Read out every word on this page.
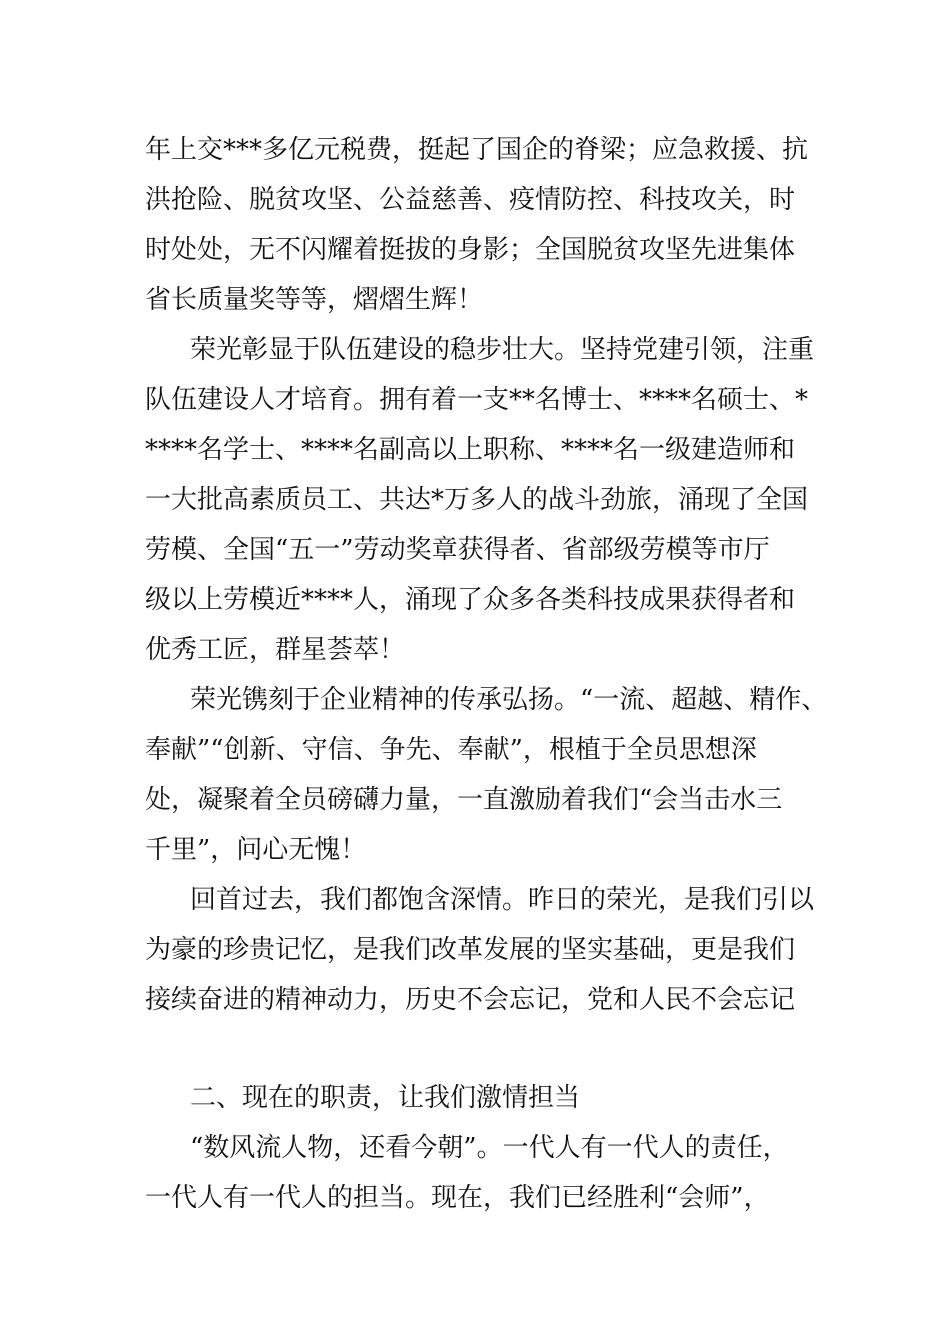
年上交***多亿元税费，挺起了国企的脊梁；应急救援、抗
洪抢险、脱贫攻坚、公益慈善、疫情防控、科技攻关，时
时处处，无不闪耀着挺拔的身影；全国脱贫攻坚先进集体
省长质量奖等等，熠熠生辉！
荣光彰显于队伍建设的稳步壮大。坚持党建引领，注重
队伍建设人才培育。拥有着一支**名博士、****名硕士、*
****名学士、****名副高以上职称、****名一级建造师和
一大批高素质员工、共达*万多人的战斗劲旅，涌现了全国
劳模、全国“五一”劳动奖章获得者、省部级劳模等市厅
级以上劳模近****人，涌现了众多各类科技成果获得者和
优秀工匠，群星荟萃！
荣光镌刻于企业精神的传承弘扬。“一流、超越、精作、
奉献”“创新、守信、争先、奉献”，根植于全员思想深
处，凝聚着全员磅礴力量，一直激励着我们“会当击水三
千里”，问心无愧！
回首过去，我们都饱含深情。昨日的荣光，是我们引以
为豪的珍贵记忆，是我们改革发展的坚实基础，更是我们
接续奋进的精神动力，历史不会忘记，党和人民不会忘记
二、现在的职责，让我们激情担当
“数风流人物，还看今朝”。一代人有一代人的责任，
一代人有一代人的担当。现在，我们已经胜利“会师”，
